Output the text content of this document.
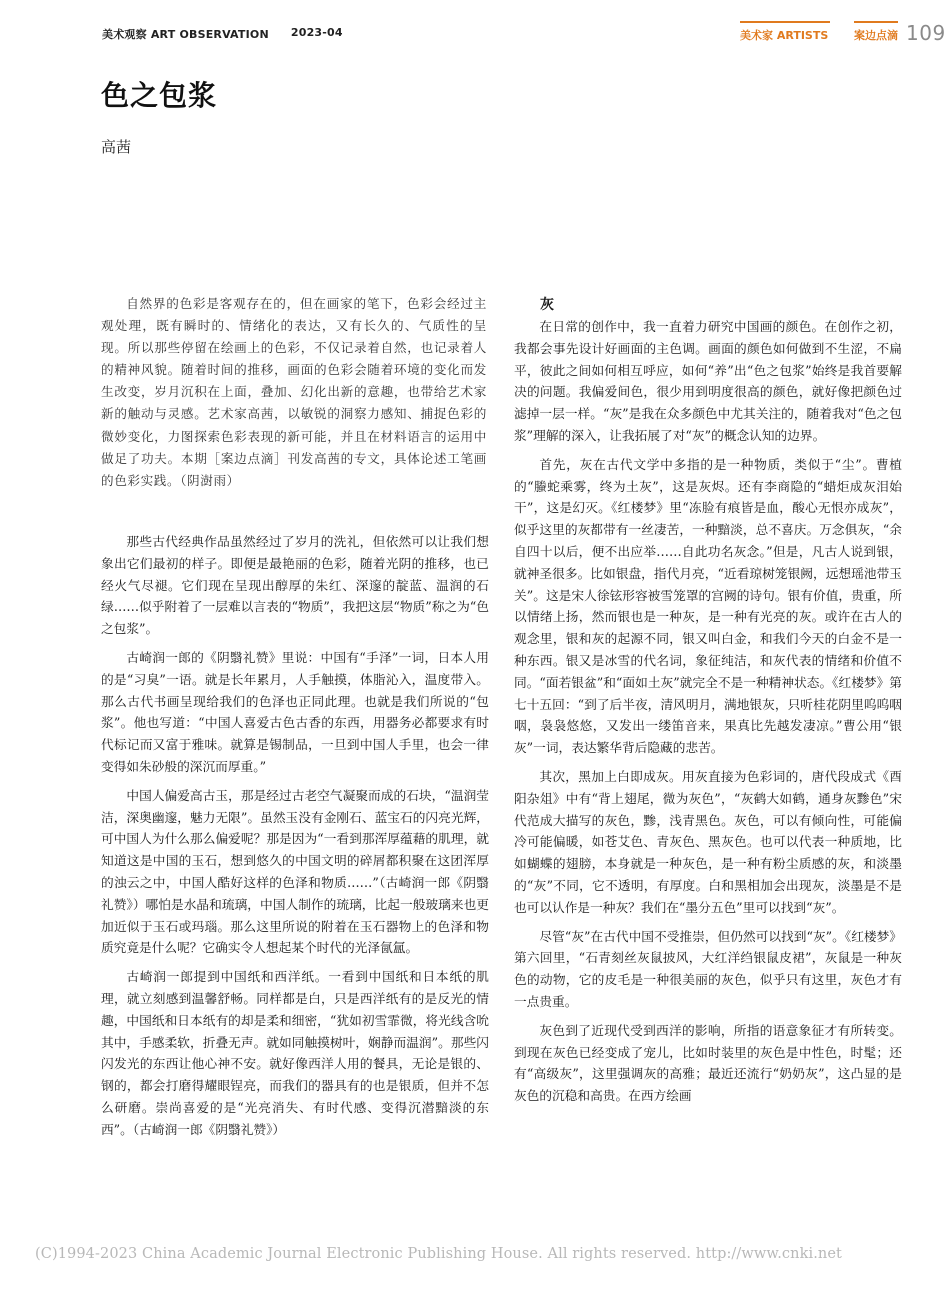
美术观察 ART OBSERVATION 2023-04	美术家 ARTISTS 案边点滴 109
色之包浆
高茜

自然界的色彩是客观存在的，但在画家的笔下，色彩会经过主观处理，既有瞬时的、情绪化的表达，又有长久的、气质性的呈现。所以那些停留在绘画上的色彩，不仅记录着自然，也记录着人的精神风貌。随着时间的推移，画面的色彩会随着环境的变化而发生改变，岁月沉积在上面，叠加、幻化出新的意趣，也带给艺术家新的触动与灵感。艺术家高茜，以敏锐的洞察力感知、捕捉色彩的微妙变化，力图探索色彩表现的新可能，并且在材料语言的运用中做足了功夫。本期［案边点滴］刊发高茜的专文，具体论述工笔画的色彩实践。（阴澍雨）

那些古代经典作品虽然经过了岁月的洗礼，但依然可以让我们想象出它们最初的样子。即便是最艳丽的色彩，随着光阴的推移，也已经火气尽褪。它们现在呈现出醇厚的朱红、深邃的靛蓝、温润的石绿……似乎附着了一层难以言表的“物质”，我把这层“物质”称之为“色之包浆”。

古崎润一郎的《阴翳礼赞》里说：中国有“手泽”一词，日本人用的是“习臭”一语。就是长年累月，人手触摸，体脂沁入，温度带入。那么古代书画呈现给我们的色泽也正同此理。也就是我们所说的“包浆”。他也写道：“中国人喜爱古色古香的东西，用器务必都要求有时代标记而又富于雅味。就算是锡制品，一旦到中国人手里，也会一律变得如朱砂般的深沉而厚重。”

中国人偏爱高古玉，那是经过古老空气凝聚而成的石块，“温润莹洁，深奥幽邃，魅力无限”。虽然玉没有金刚石、蓝宝石的闪亮光辉，可中国人为什么那么偏爱呢？那是因为“一看到那浑厚蕴藉的肌理，就知道这是中国的玉石，想到悠久的中国文明的碎屑都积聚在这团浑厚的浊云之中，中国人酷好这样的色泽和物质……”（古崎润一郎《阴翳礼赞》）哪怕是水晶和琉璃，中国人制作的琉璃，比起一般玻璃来也更加近似于玉石或玛瑙。那么这里所说的附着在玉石器物上的色泽和物质究竟是什么呢？它确实令人想起某个时代的光泽氤氲。

古崎润一郎提到中国纸和西洋纸。一看到中国纸和日本纸的肌理，就立刻感到温馨舒畅。同样都是白，只是西洋纸有的是反光的情趣，中国纸和日本纸有的却是柔和细密，“犹如初雪霏微，将光线含吮其中，手感柔软，折叠无声。就如同触摸树叶，娴静而温润”。那些闪闪发光的东西让他心神不安。就好像西洋人用的餐具，无论是银的、钢的，都会打磨得耀眼锃亮，而我们的器具有的也是银质，但并不怎么研磨。崇尚喜爱的是“光亮消失、有时代感、变得沉潜黯淡的东西”。（古崎润一郎《阴翳礼赞》）

灰

在日常的创作中，我一直着力研究中国画的颜色。在创作之初，我都会事先设计好画面的主色调。画面的颜色如何做到不生涩，不扁平，彼此之间如何相互呼应，如何“养”出“色之包浆”始终是我首要解决的问题。我偏爱间色，很少用到明度很高的颜色，就好像把颜色过滤掉一层一样。“灰”是我在众多颜色中尤其关注的，随着我对“色之包浆”理解的深入，让我拓展了对“灰”的概念认知的边界。

首先，灰在古代文学中多指的是一种物质，类似于“尘”。曹植的“螣蛇乘雾，终为土灰”，这是灰烬。还有李商隐的“蜡炬成灰泪始干”，这是幻灭。《红楼梦》里“冻脸有痕皆是血，酸心无恨亦成灰”，似乎这里的灰都带有一丝凄苦，一种黯淡，总不喜庆。万念俱灰，“余自四十以后，便不出应举……自此功名灰念。”但是，凡古人说到银，就神圣很多。比如银盘，指代月亮，“近看琼树笼银阙，远想瑶池带玉关”。这是宋人徐铉形容被雪笼罩的宫阙的诗句。银有价值，贵重，所以情绪上扬，然而银也是一种灰，是一种有光亮的灰。或许在古人的观念里，银和灰的起源不同，银又叫白金，和我们今天的白金不是一种东西。银又是冰雪的代名词，象征纯洁，和灰代表的情绪和价值不同。“面若银盆”和“面如土灰”就完全不是一种精神状态。《红楼梦》第七十五回：“到了后半夜，清风明月，满地银灰，只听桂花阴里呜呜咽咽，袅袅悠悠，又发出一缕笛音来，果真比先越发凄凉。”曹公用“银灰”一词，表达繁华背后隐藏的悲苦。

其次，黑加上白即成灰。用灰直接为色彩词的，唐代段成式《酉阳杂俎》中有“背上翅尾，微为灰色”，“灰鹤大如鹤，通身灰黪色”宋代范成大描写的灰色，黪，浅青黑色。灰色，可以有倾向性，可能偏冷可能偏暖，如苍艾色、青灰色、黑灰色。也可以代表一种质地，比如蝴蝶的翅膀，本身就是一种灰色，是一种有粉尘质感的灰，和淡墨的“灰”不同，它不透明，有厚度。白和黑相加会出现灰，淡墨是不是也可以认作是一种灰？我们在“墨分五色”里可以找到“灰”。

尽管“灰”在古代中国不受推崇，但仍然可以找到“灰”。《红楼梦》第六回里，“石青刻丝灰鼠披风，大红洋绉银鼠皮裙”，灰鼠是一种灰色的动物，它的皮毛是一种很美丽的灰色，似乎只有这里，灰色才有一点贵重。

灰色到了近现代受到西洋的影响，所指的语意象征才有所转变。到现在灰色已经变成了宠儿，比如时装里的灰色是中性色，时髦；还有“高级灰”，这里强调灰的高雅；最近还流行“奶奶灰”，这凸显的是灰色的沉稳和高贵。在西方绘画

(C)1994-2023 China Academic Journal Electronic Publishing House. All rights reserved. http://www.cnki.net
